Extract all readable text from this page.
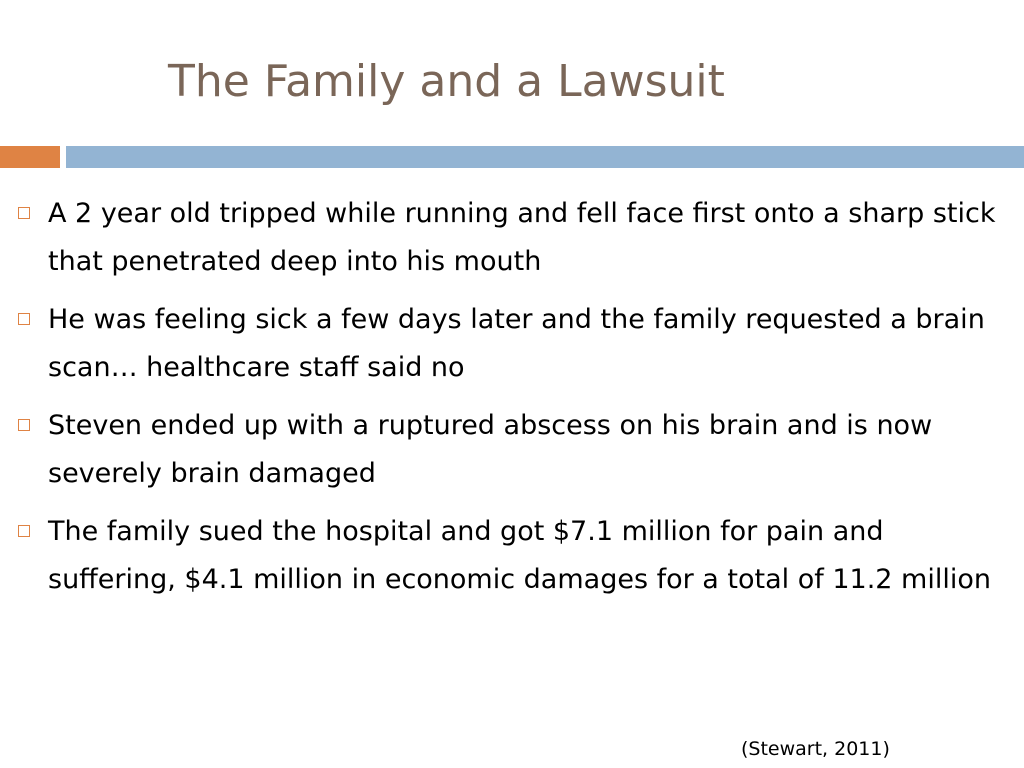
The Family and a Lawsuit
A 2 year old tripped while running and fell face first onto a sharp stick that penetrated deep into his mouth
He was feeling sick a few days later and the family requested a brain scan… healthcare staff said no
Steven ended up with a ruptured abscess on his brain and is now severely brain damaged
The family sued the hospital and got $7.1 million for pain and suffering, $4.1 million in economic damages for a total of 11.2 million
(Stewart, 2011)
